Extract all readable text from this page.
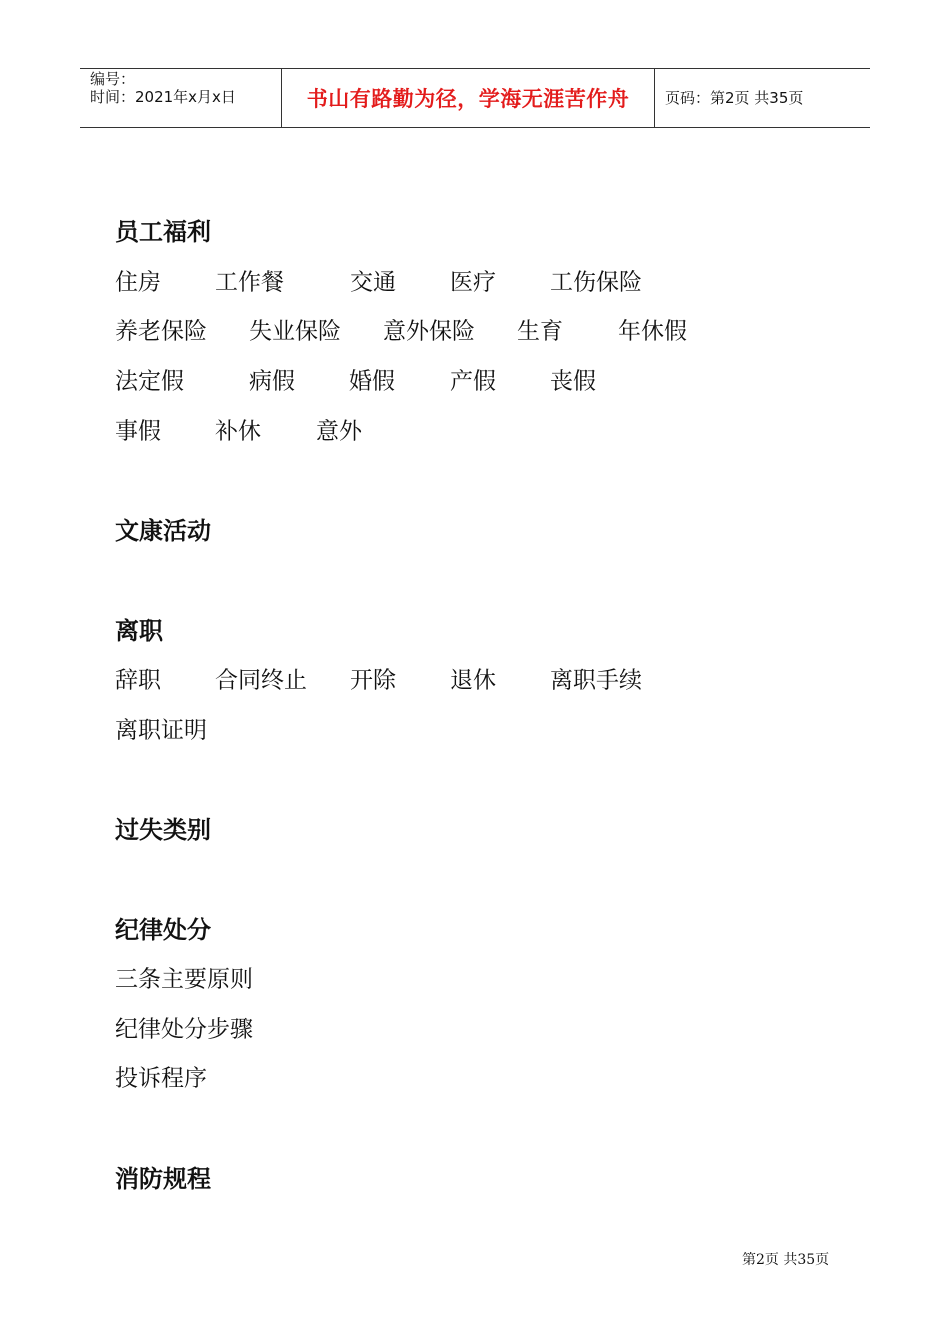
编号：
时间：2021年x月x日	书山有路勤为径，学海无涯苦作舟 页码：第2页 共35页
员工福利
住房 工作餐	交通 医疗 工伤保险
养老保险 失业保险 意外保险 生育 年休假
法定假	病假 婚假 产假 丧假
事假 补休 意外
文康活动
离职
辞职 合同终止 开除 退休 离职手续
离职证明
过失类别
纪律处分
三条主要原则
纪律处分步骤
投诉程序
消防规程
第2页 共35页
